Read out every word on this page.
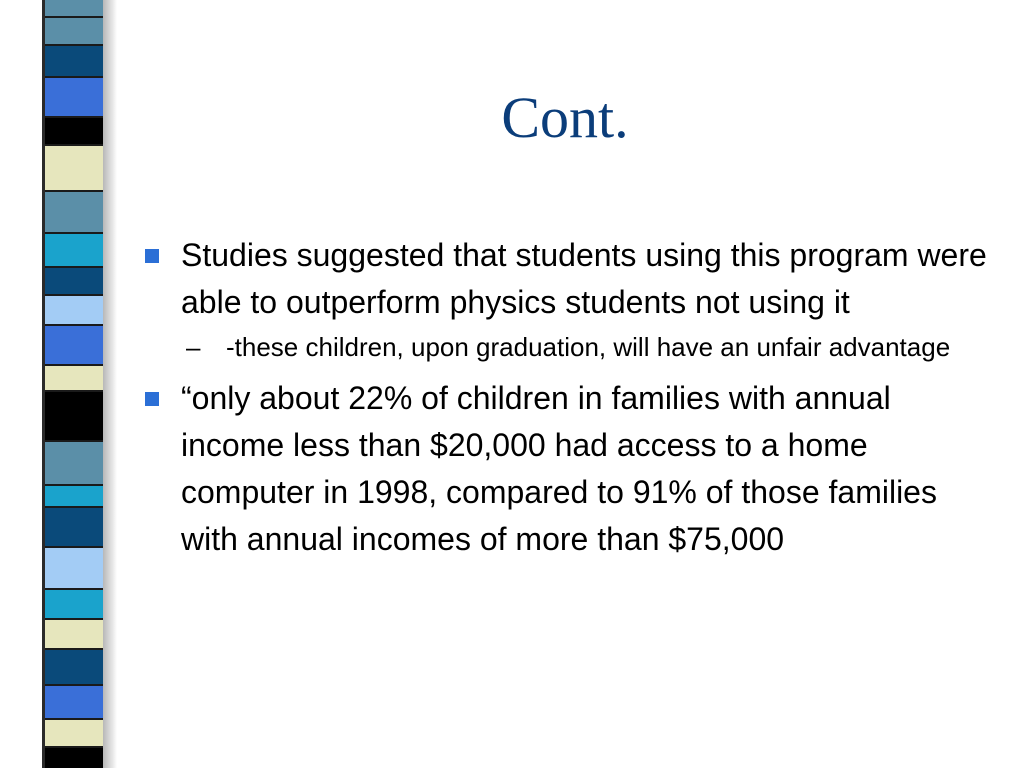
Cont.
Studies suggested that students using this program were able to outperform physics students not using it
– -these children, upon graduation, will have an unfair advantage
“only about 22% of children in families with annual income less than $20,000 had access to a home computer in 1998, compared to 91% of those families with annual incomes of more than $75,000
